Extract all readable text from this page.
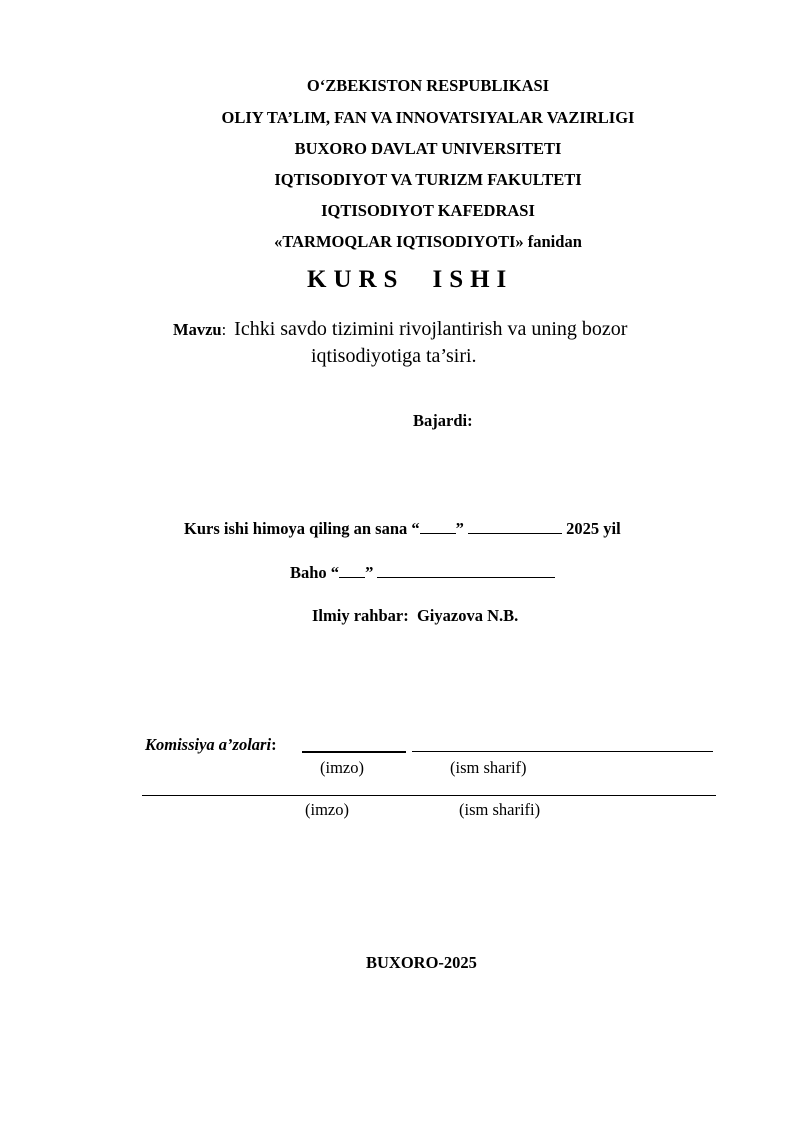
O‘ZBEKISTON RESPUBLIKASI
OLIY TA’LIM, FAN VA INNOVATSIYALAR VAZIRLIGI
BUXORO DAVLAT UNIVERSITETI
IQTISODIYOT VA TURIZM FAKULTETI
IQTISODIYOT KAFEDRASI
«TARMOQLAR IQTISODIYOTI» fanidan
KURS ISHI
Mavzu: Ichki savdo tizimini rivojlantirish va uning bozor
iqtisodiyotiga ta’siri.
Bajardi:
Kurs ishi himoya qiling an sana “ ”	2025 yil
Baho “ ”
Ilmiy rahbar: Giyazova N.B.
Komissiya a’zolari:
(imzo)	(ism sharif)
(imzo)	(ism sharifi)
BUXORO-2025
